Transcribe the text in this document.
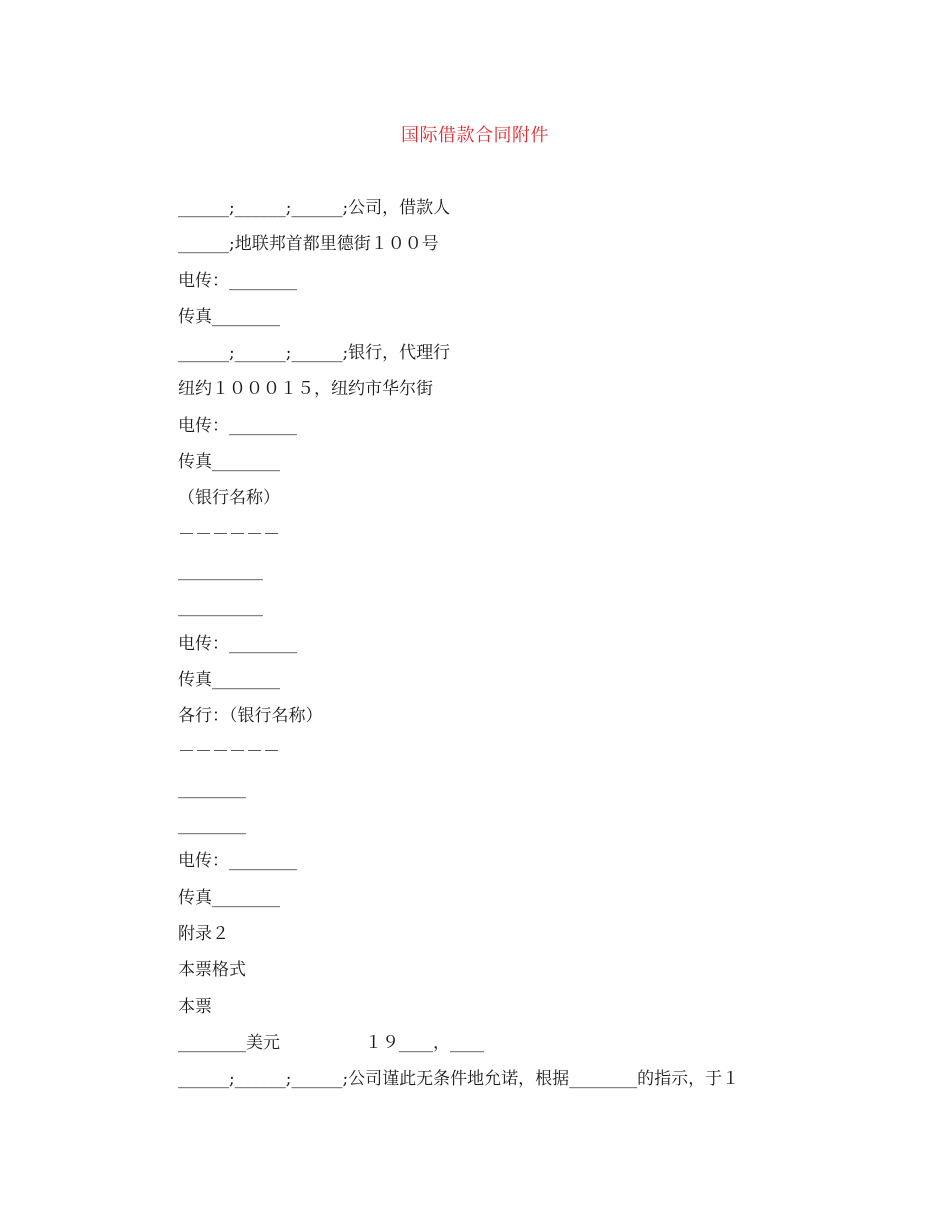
国际借款合同附件
______;______;______;公司，借款人
______;地联邦首都里德街１００号
电传：________
传真________
______;______;______;银行，代理行
纽约１０００１５，纽约市华尔街
电传：________
传真________
（银行名称）
－－－－－－
__________
__________
电传：________
传真________
各行：（银行名称）
－－－－－－
________
________
电传：________
传真________
附录２
本票格式
本票
________美元　　　　　１９____，____
______;______;______;公司谨此无条件地允诺，根据________的指示，于１
